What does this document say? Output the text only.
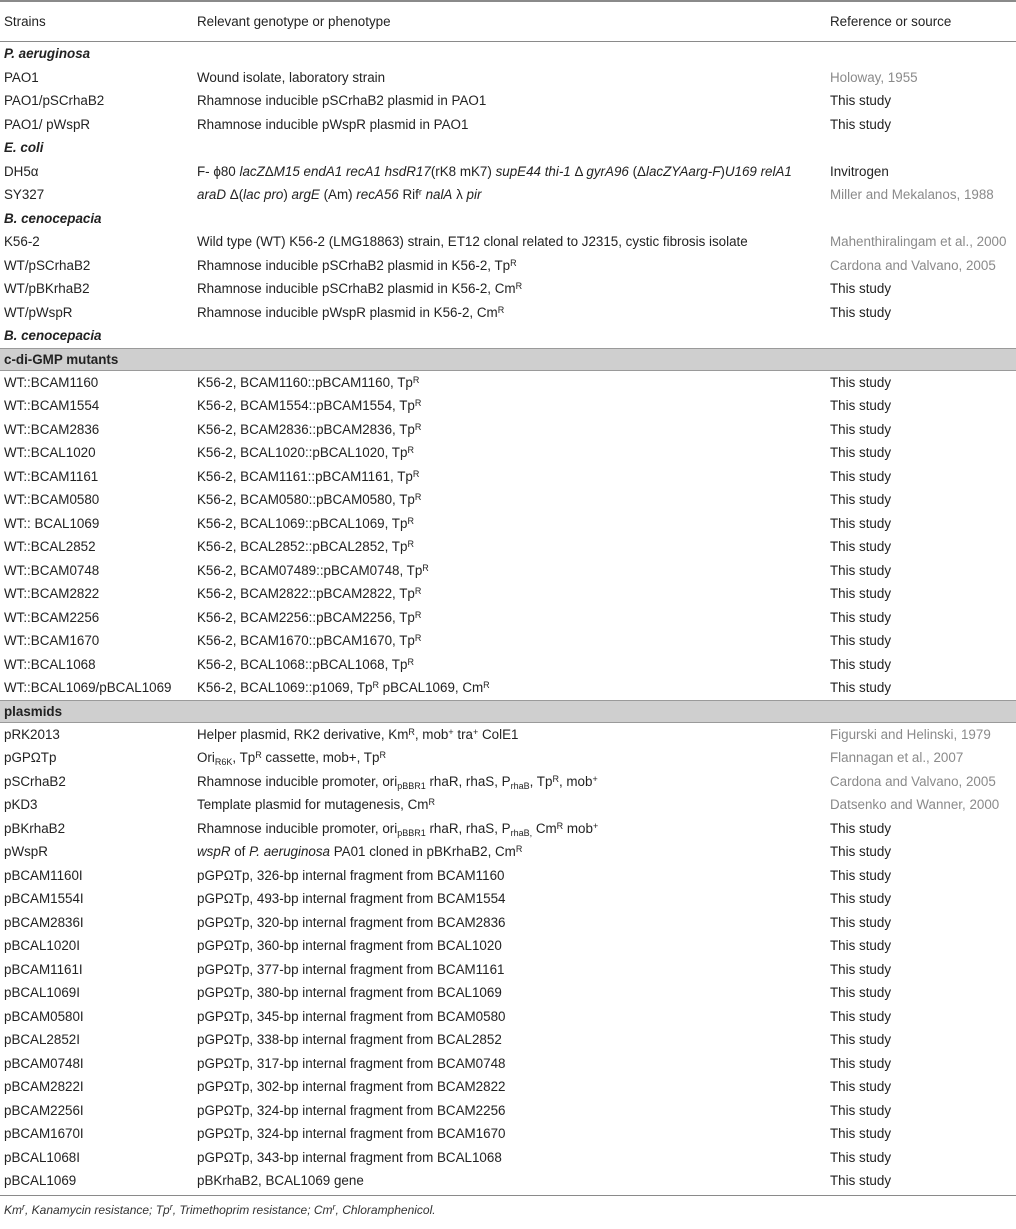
Strains	Relevant genotype or phenotype	Reference or source
P. aeruginosa
PAO1	Wound isolate, laboratory strain	Holoway, 1955
PAO1/pSCrhaB2	Rhamnose inducible pSCrhaB2 plasmid in PAO1	This study
PAO1/ pWspR	Rhamnose inducible pWspR plasmid in PAO1	This study
E. coli
DH5α	F- ϕ80 lacZΔM15 endA1 recA1 hsdR17(rK8 mK7) supE44 thi-1 Δ gyrA96 (ΔlacZYAarg-F)U169 relA1	Invitrogen
SY327	araD Δ(lac pro) argE (Am) recA56 Rif$^r$ nalA λ pir	Miller and Mekalanos, 1988
B. cenocepacia
K56-2	Wild type (WT) K56-2 (LMG18863) strain, ET12 clonal related to J2315, cystic fibrosis isolate	Mahenthiralingam et al., 2000
WT/pSCrhaB2	Rhamnose inducible pSCrhaB2 plasmid in K56-2, $Tp^R$	Cardona and Valvano, 2005
WT/pBKrhaB2	Rhamnose inducible pSCrhaB2 plasmid in K56-2, $Cm^R$	This study
WT/pWspR	Rhamnose inducible pWspR plasmid in K56-2, $Cm^R$	This study
B. cenocepacia
c-di-GMP mutants
WT::BCAM1160	K56-2, BCAM1160::pBCAM1160, $Tp^R$	This study
WT::BCAM1554	K56-2, BCAM1554::pBCAM1554, $Tp^R$	This study
WT::BCAM2836	K56-2, BCAM2836::pBCAM2836, $Tp^R$	This study
WT::BCAL1020	K56-2, BCAL1020::pBCAL1020, $Tp^R$	This study
WT::BCAM1161	K56-2, BCAM1161::pBCAM1161, $Tp^R$	This study
WT::BCAM0580	K56-2, BCAM0580::pBCAM0580, $Tp^R$	This study
WT:: BCAL1069	K56-2, BCAL1069::pBCAL1069, $Tp^R$	This study
WT::BCAL2852	K56-2, BCAL2852::pBCAL2852, $Tp^R$	This study
WT::BCAM0748	K56-2, BCAM07489::pBCAM0748, $Tp^R$	This study
WT::BCAM2822	K56-2, BCAM2822::pBCAM2822, $Tp^R$	This study
WT::BCAM2256	K56-2, BCAM2256::pBCAM2256, $Tp^R$	This study
WT::BCAM1670	K56-2, BCAM1670::pBCAM1670, $Tp^R$	This study
WT::BCAL1068	K56-2, BCAL1068::pBCAL1068, $Tp^R$	This study
WT::BCAL1069/pBCAL1069 K56-2, BCAL1069::p1069, $Tp^R$ pBCAL1069, $Cm^R$	This study
plasmids
pRK2013	Helper plasmid, RK2 derivative, $Km^R$, mob+ tra+ ColE1	Figurski and Helinski, 1979
pGPΩTp	Ori$_{R6K}$, $Tp^R$ cassette, mob+, $Tp^R$	Flannagan et al., 2007
pSCrhaB2	Rhamnose inducible promoter, ori$_{pBBR1}$ rhaR, rhaS, $P_{rhaB}$, $Tp^R$, mob+	Cardona and Valvano, 2005
pKD3	Template plasmid for mutagenesis, $Cm^R$	Datsenko and Wanner, 2000
pBKrhaB2	Rhamnose inducible promoter, ori$_{pBBR1}$ rhaR, rhaS, $P_{rhaB,}$ $Cm^R$ mob+	This study
pWspR	wspR of P. aeruginosa PA01 cloned in pBKrhaB2, $Cm^R$	This study
pBCAM1160I	pGPΩTp, 326-bp internal fragment from BCAM1160	This study
pBCAM1554I	pGPΩTp, 493-bp internal fragment from BCAM1554	This study
pBCAM2836I	pGPΩTp, 320-bp internal fragment from BCAM2836	This study
pBCAL1020I	pGPΩTp, 360-bp internal fragment from BCAL1020	This study
pBCAM1161I	pGPΩTp, 377-bp internal fragment from BCAM1161	This study
pBCAL1069I	pGPΩTp, 380-bp internal fragment from BCAL1069	This study
pBCAM0580I	pGPΩTp, 345-bp internal fragment from BCAM0580	This study
pBCAL2852I	pGPΩTp, 338-bp internal fragment from BCAL2852	This study
pBCAM0748I	pGPΩTp, 317-bp internal fragment from BCAM0748	This study
pBCAM2822I	pGPΩTp, 302-bp internal fragment from BCAM2822	This study
pBCAM2256I	pGPΩTp, 324-bp internal fragment from BCAM2256	This study
pBCAM1670I	pGPΩTp, 324-bp internal fragment from BCAM1670	This study
pBCAL1068I	pGPΩTp, 343-bp internal fragment from BCAL1068	This study
pBCAL1069	pBKrhaB2, BCAL1069 gene	This study
Km$^r$, Kanamycin resistance; Tp$^r$, Trimethoprim resistance; Cm$^r$, Chloramphenicol.
